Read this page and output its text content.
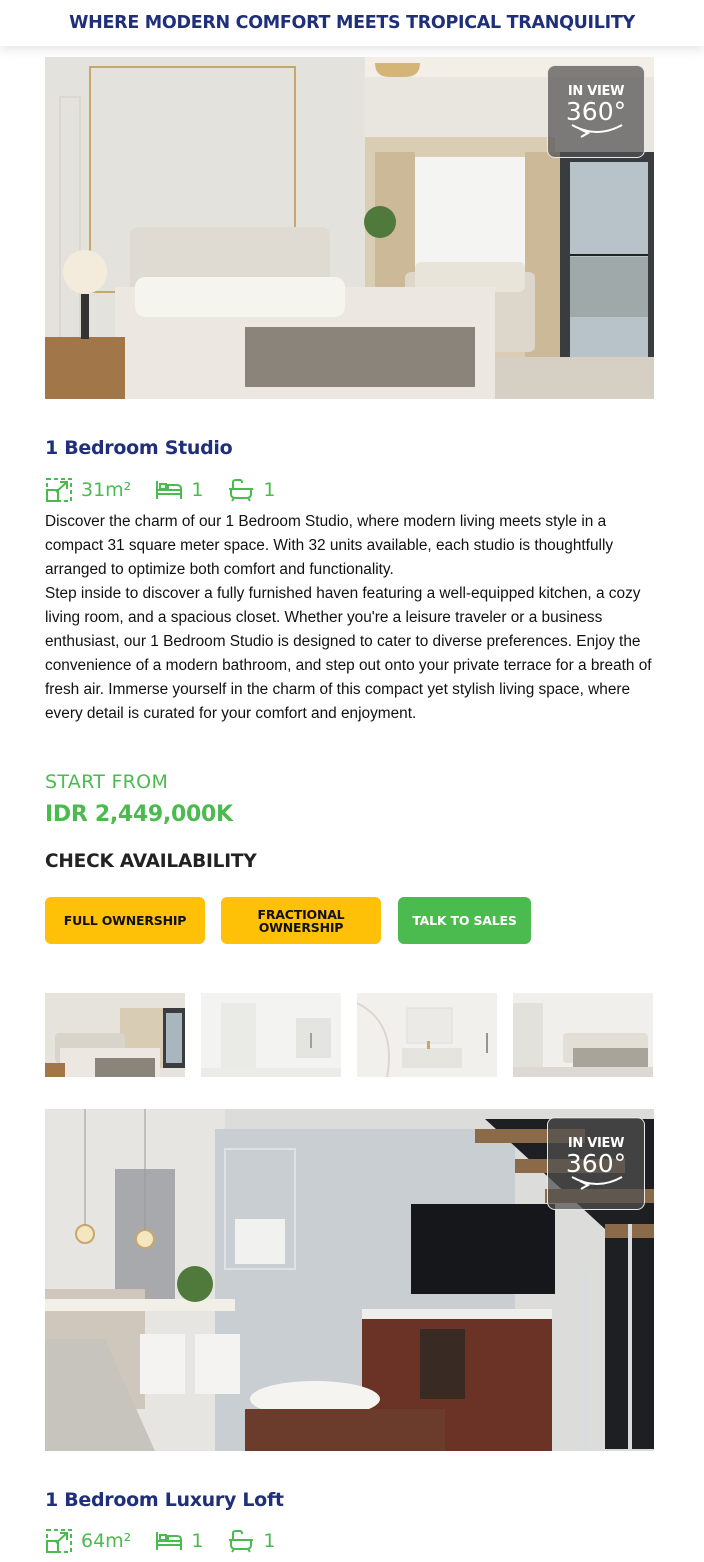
WHERE MODERN COMFORT MEETS TROPICAL TRANQUILITY
IN VIEW
360°
1 Bedroom Studio
31m²	1	1

Discover the charm of our 1 Bedroom Studio, where modern living meets style in a compact 31 square meter space. With 32 units available, each studio is thoughtfully arranged to optimize both comfort and functionality.

Step inside to discover a fully furnished haven featuring a well-equipped kitchen, a cozy living room, and a spacious closet. Whether you're a leisure traveler or a business enthusiast, our 1 Bedroom Studio is designed to cater to diverse preferences. Enjoy the convenience of a modern bathroom, and step out onto your private terrace for a breath of fresh air. Immerse yourself in the charm of this compact yet stylish living space, where every detail is curated for your comfort and enjoyment.

START FROM
IDR 2,449,000K
CHECK AVAILABILITY
FULL OWNERSHIP	FRACTIONAL OWNERSHIP	TALK TO SALES
IN VIEW
360°
1 Bedroom Luxury Loft
64m²	1	1
